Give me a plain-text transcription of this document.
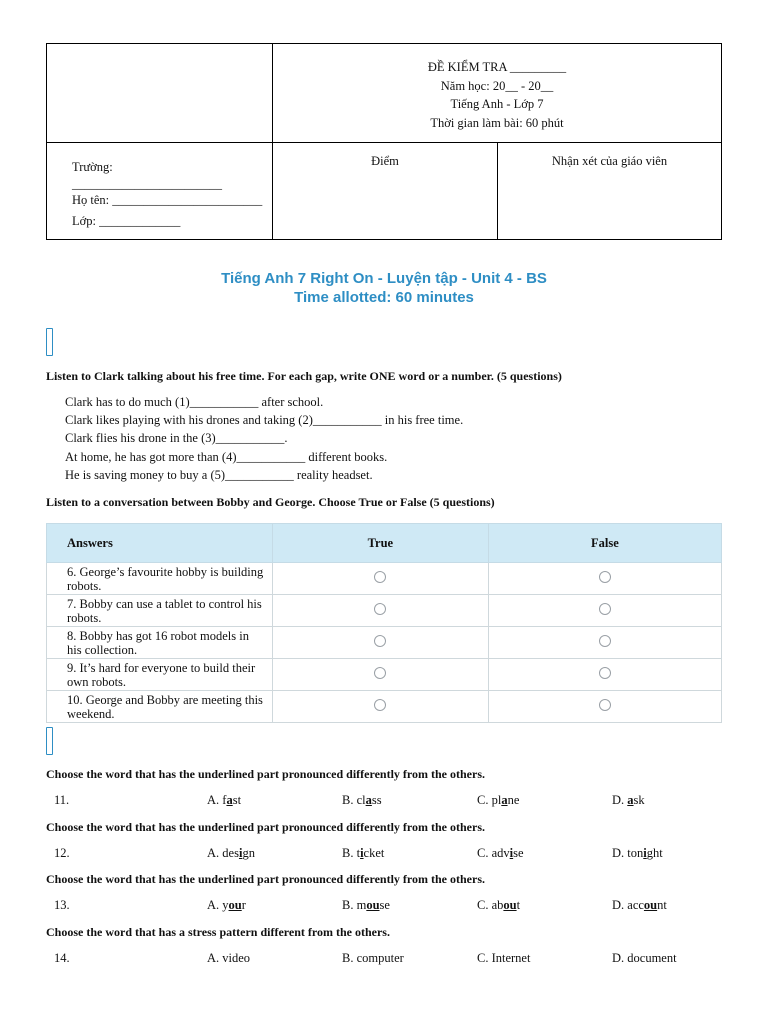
ĐỀ KIỂM TRA _________
Năm học: 20__ - 20__
Tiếng Anh - Lớp 7
Thời gian làm bài: 60 phút
Trường:
________________________
Họ tên: ________________________
Lớp: _____________
Điểm	Nhận xét của giáo viên
Tiếng Anh 7 Right On - Luyện tập - Unit 4 - BS
Time allotted: 60 minutes
Listen to Clark talking about his free time. For each gap, write ONE word or a number. (5 questions)
Clark has to do much (1)___________ after school.
Clark likes playing with his drones and taking (2)___________ in his free time.
Clark flies his drone in the (3)___________.
At home, he has got more than (4)___________ different books.
He is saving money to buy a (5)___________ reality headset.
Listen to a conversation between Bobby and George. Choose True or False (5 questions)
Answers	True	False
6. George’s favourite hobby is building robots.		
7. Bobby can use a tablet to control his robots.		
8. Bobby has got 16 robot models in his collection.		
9. It’s hard for everyone to build their own robots.		
10. George and Bobby are meeting this weekend.		
Choose the word that has the underlined part pronounced differently from the others.
11.	A. fast	B. class	C. plane	D. ask
Choose the word that has the underlined part pronounced differently from the others.
12.	A. design	B. ticket	C. advise	D. tonight
Choose the word that has the underlined part pronounced differently from the others.
13.	A. your	B. mouse	C. about	D. account
Choose the word that has a stress pattern different from the others.
14.	A. video	B. computer	C. Internet	D. document
